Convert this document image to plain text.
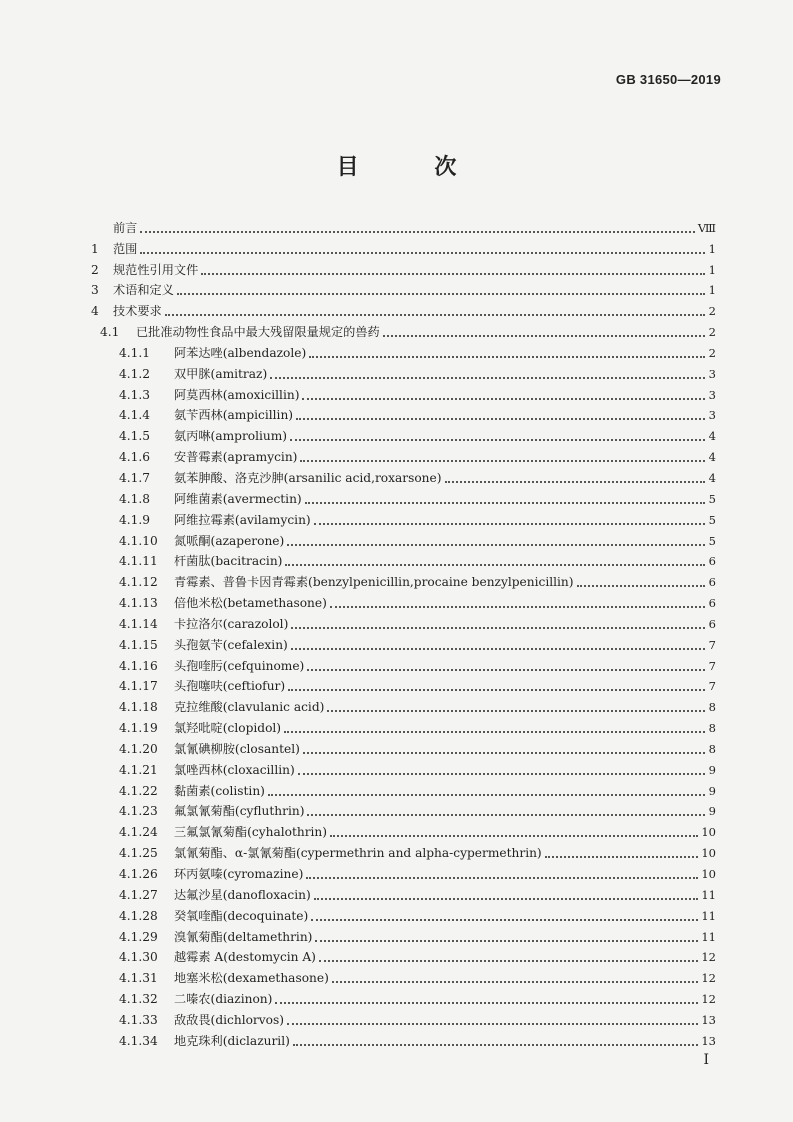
GB 31650—2019
目 次
前言	Ⅷ
1	范围	1
2	规范性引用文件	1
3	术语和定义	1
4	技术要求	2
4.1	已批准动物性食品中最大残留限量规定的兽药	2
4.1.1	阿苯达唑(albendazole)	2
4.1.2	双甲脒(amitraz)	3
4.1.3	阿莫西林(amoxicillin)	3
4.1.4	氨苄西林(ampicillin)	3
4.1.5	氨丙啉(amprolium)	4
4.1.6	安普霉素(apramycin)	4
4.1.7	氨苯胂酸、洛克沙胂(arsanilic acid,roxarsone)	4
4.1.8	阿维菌素(avermectin)	5
4.1.9	阿维拉霉素(avilamycin)	5
4.1.10	氮哌酮(azaperone)	5
4.1.11	杆菌肽(bacitracin)	6
4.1.12	青霉素、普鲁卡因青霉素(benzylpenicillin,procaine benzylpenicillin)	6
4.1.13	倍他米松(betamethasone)	6
4.1.14	卡拉洛尔(carazolol)	6
4.1.15	头孢氨苄(cefalexin)	7
4.1.16	头孢喹肟(cefquinome)	7
4.1.17	头孢噻呋(ceftiofur)	7
4.1.18	克拉维酸(clavulanic acid)	8
4.1.19	氯羟吡啶(clopidol)	8
4.1.20	氯氰碘柳胺(closantel)	8
4.1.21	氯唑西林(cloxacillin)	9
4.1.22	黏菌素(colistin)	9
4.1.23	氟氯氰菊酯(cyfluthrin)	9
4.1.24	三氟氯氰菊酯(cyhalothrin)	10
4.1.25	氯氰菊酯、α-氯氰菊酯(cypermethrin and alpha-cypermethrin)	10
4.1.26	环丙氨嗪(cyromazine)	10
4.1.27	达氟沙星(danofloxacin)	11
4.1.28	癸氧喹酯(decoquinate)	11
4.1.29	溴氰菊酯(deltamethrin)	11
4.1.30	越霉素 A(destomycin A)	12
4.1.31	地塞米松(dexamethasone)	12
4.1.32	二嗪农(diazinon)	12
4.1.33	敌敌畏(dichlorvos)	13
4.1.34	地克珠利(diclazuril)	13
I
